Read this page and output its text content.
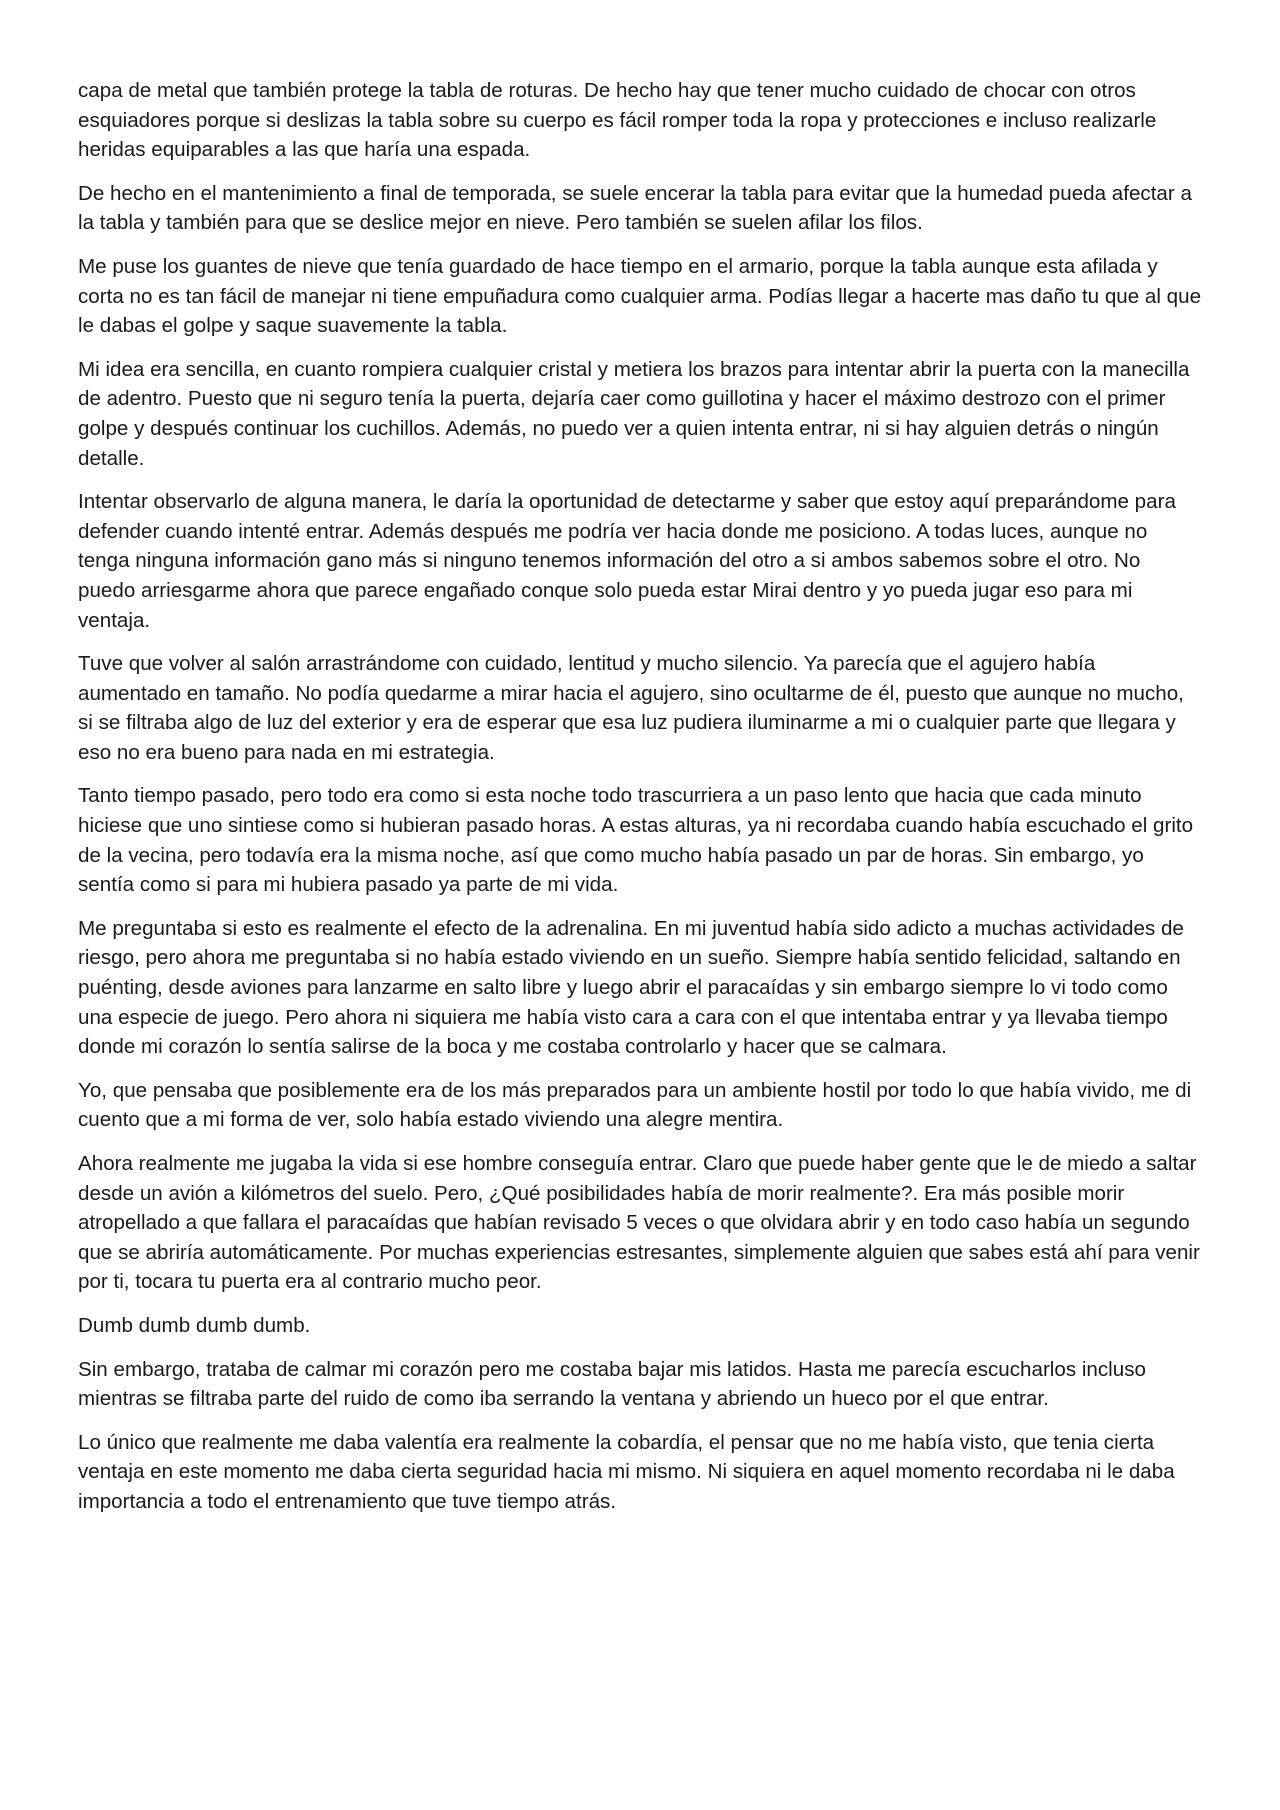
capa de metal que también protege la tabla de roturas. De hecho hay que tener mucho cuidado de chocar con otros esquiadores porque si deslizas la tabla sobre su cuerpo es fácil romper toda la ropa y protecciones e incluso realizarle heridas equiparables a las que haría una espada.

De hecho en el mantenimiento a final de temporada, se suele encerar la tabla para evitar que la humedad pueda afectar a la tabla y también para que se deslice mejor en nieve. Pero también se suelen afilar los filos.

Me puse los guantes de nieve que tenía guardado de hace tiempo en el armario, porque la tabla aunque esta afilada y corta no es tan fácil de manejar ni tiene empuñadura como cualquier arma. Podías llegar a hacerte mas daño tu que al que le dabas el golpe y saque suavemente la tabla.

Mi idea era sencilla, en cuanto rompiera cualquier cristal y metiera los brazos para intentar abrir la puerta con la manecilla de adentro. Puesto que ni seguro tenía la puerta, dejaría caer como guillotina y hacer el máximo destrozo con el primer golpe y después continuar los cuchillos. Además, no puedo ver a quien intenta entrar, ni si hay alguien detrás o ningún detalle.

Intentar observarlo de alguna manera, le daría la oportunidad de detectarme y saber que estoy aquí preparándome para defender cuando intenté entrar. Además después me podría ver hacia donde me posiciono. A todas luces, aunque no tenga ninguna información gano más si ninguno tenemos información del otro a si ambos sabemos sobre el otro. No puedo arriesgarme ahora que parece engañado conque solo pueda estar Mirai dentro y yo pueda jugar eso para mi ventaja.

Tuve que volver al salón arrastrándome con cuidado, lentitud y mucho silencio. Ya parecía que el agujero había aumentado en tamaño. No podía quedarme a mirar hacia el agujero, sino ocultarme de él, puesto que aunque no mucho, si se filtraba algo de luz del exterior y era de esperar que esa luz pudiera iluminarme a mi o cualquier parte que llegara y eso no era bueno para nada en mi estrategia.

Tanto tiempo pasado, pero todo era como si esta noche todo trascurriera a un paso lento que hacia que cada minuto hiciese que uno sintiese como si hubieran pasado horas. A estas alturas, ya ni recordaba cuando había escuchado el grito de la vecina, pero todavía era la misma noche, así que como mucho había pasado un par de horas. Sin embargo, yo sentía como si para mi hubiera pasado ya parte de mi vida.

Me preguntaba si esto es realmente el efecto de la adrenalina. En mi juventud había sido adicto a muchas actividades de riesgo, pero ahora me preguntaba si no había estado viviendo en un sueño. Siempre había sentido felicidad, saltando en puénting, desde aviones para lanzarme en salto libre y luego abrir el paracaídas y sin embargo siempre lo vi todo como una especie de juego. Pero ahora ni siquiera me había visto cara a cara con el que intentaba entrar y ya llevaba tiempo donde mi corazón lo sentía salirse de la boca y me costaba controlarlo y hacer que se calmara.

Yo, que pensaba que posiblemente era de los más preparados para un ambiente hostil por todo lo que había vivido, me di cuento que a mi forma de ver, solo había estado viviendo una alegre mentira.

Ahora realmente me jugaba la vida si ese hombre conseguía entrar. Claro que puede haber gente que le de miedo a saltar desde un avión a kilómetros del suelo. Pero, ¿Qué posibilidades había de morir realmente?. Era más posible morir atropellado a que fallara el paracaídas que habían revisado 5 veces o que olvidara abrir y en todo caso había un segundo que se abriría automáticamente. Por muchas experiencias estresantes, simplemente alguien que sabes está ahí para venir por ti, tocara tu puerta era al contrario mucho peor.

Dumb dumb dumb dumb.

Sin embargo, trataba de calmar mi corazón pero me costaba bajar mis latidos. Hasta me parecía escucharlos incluso mientras se filtraba parte del ruido de como iba serrando la ventana y abriendo un hueco por el que entrar.

Lo único que realmente me daba valentía era realmente la cobardía, el pensar que no me había visto, que tenia cierta ventaja en este momento me daba cierta seguridad hacia mi mismo. Ni siquiera en aquel momento recordaba ni le daba importancia a todo el entrenamiento que tuve tiempo atrás.
